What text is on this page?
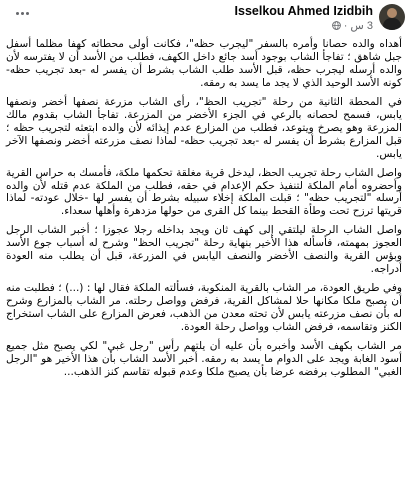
Isselkou Ahmed Izidbih
3 س
·

أهداه والده حصانا وأمره بالسفر "ليجرب حظه"، فكانت أولى محطاته كهفا مظلما أسفل جبل شاهق ؛ تفاجأ الشاب بوجود أسد جائع داخل الكهف، فطلب من الأسد أن لا يفترسه لأن والده أرسله ليجرب حظه، قبل الأسد طلب الشاب بشرط أن يفسر له -بعد تجريب حظه- كونه الأسد الوحيد الذي لا يجد ما يسد به رمقه.

في المحطة الثانية من رحلة "تجريب الحظ"، رأى الشاب مزرعة نصفها أخضر ونصفها يابس، فسمح لحصانه بالرعي في الجزء الأخضر من المزرعة. تفاجأ الشاب بقدوم مالك المزرعة وهو يصرخ ويتوعد، فطلب من المزارع عدم إيذائه لأن والده ابتعثه لتجريب حظه ؛ قبل المزارع بشرط أن يفسر له -بعد تجريب حظه- لماذا نصف مزرعته أخضر ونصفها الآخر يابس.

واصل الشاب رحلة تجريب الحظ، ليدخل قرية مغلقة تحكمها ملكة، فأمسك به حراس القرية وأحضروه أمام الملكة لتنفيذ حكم الإعدام في حقه، فطلب من الملكة عدم قتله لأن والده أرسله "لتجريب حظه" ؛ قبلت الملكة إخلاء سبيله بشرط أن يفسر لها -خلال عودته- لماذا قريتها ترزح تحت وطأة القحط بينما كل القرى من حولها مزدهرة وأهلها سعداء.

واصل الشاب الرحلة ليلتقي إلى كهف ثان ويجد بداخله رجلا عجوزا ؛ أخبر الشاب الرجل العجوز بمهمته، فأسأله هذا الأخير بنهاية رحلة "تجريب الحظ" وشرح له أسباب جوع الأسد وبؤس القرية والنصف الأخضر والنصف اليابس في المزرعة، قبل أن يطلب منه العودة أدراجه.

وفي طريق العودة، مر الشاب بالقرية المنكوبة، فسألته الملكة فقال لها : (...) ؛ فطلبت منه أن يصبح ملكا مكانها حلا لمشاكل القرية، فرفض وواصل رحلته. مر الشاب بالمزارع وشرح له بأن نصف مزرعته يابس لأن تحته معدن من الذهب، فعرض المزارع على الشاب استخراج الكنز وتقاسمه، فرفض الشاب وواصل رحلة العودة.

مر الشاب بكهف الأسد وأخبره بأن عليه أن يلتهم رأس "رجل غبي" لكي يصبح مثل جميع أسود الغابة ويجد على الدوام ما يسد به رمقه. أخبر الأسد الشاب بأن هذا الأخير هو "الرجل الغبي" المطلوب برفضه عرضا بأن يصبح ملكا وعدم قبوله تقاسم كنز الذهب...
